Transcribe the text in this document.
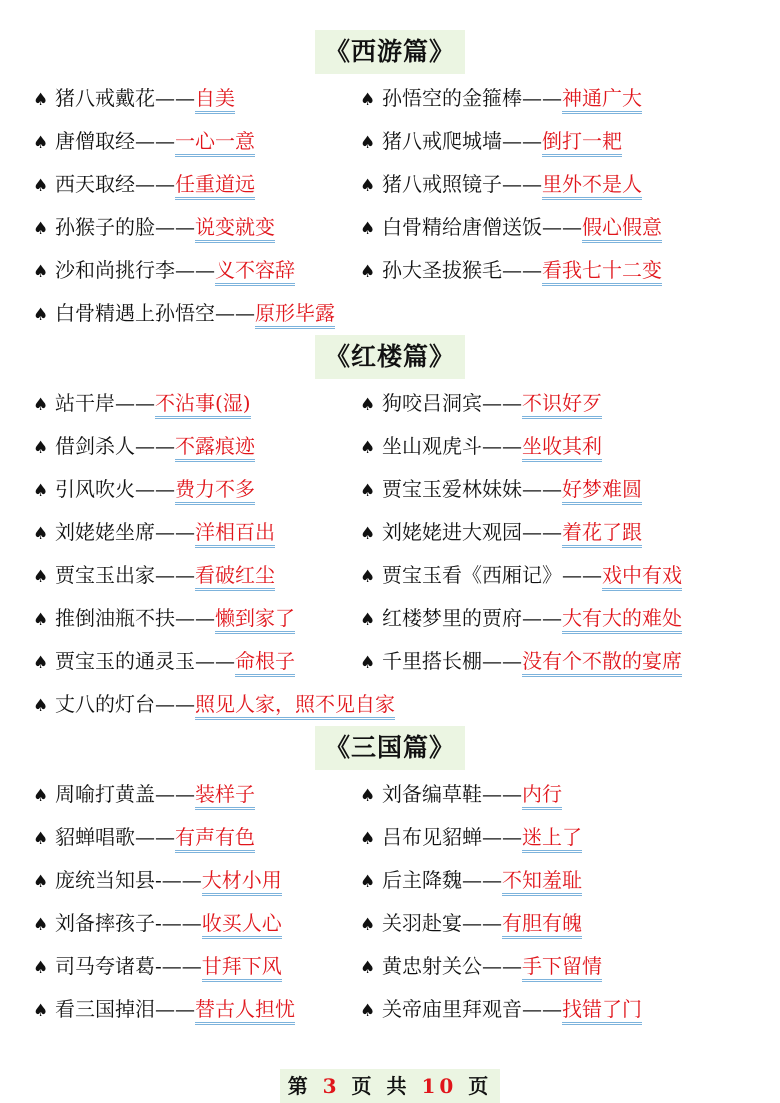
《西游篇》
♠ 猪八戒戴花——自美	♠ 孙悟空的金箍棒——神通广大
♠ 唐僧取经——一心一意	♠ 猪八戒爬城墙——倒打一耙
♠ 西天取经——任重道远	♠ 猪八戒照镜子——里外不是人
♠ 孙猴子的脸——说变就变	♠ 白骨精给唐僧送饭——假心假意
♠ 沙和尚挑行李——义不容辞	♠ 孙大圣拔猴毛——看我七十二变
♠ 白骨精遇上孙悟空——原形毕露
《红楼篇》
♠ 站干岸——不沾事(湿)	♠ 狗咬吕洞宾——不识好歹
♠ 借剑杀人——不露痕迹	♠ 坐山观虎斗——坐收其利
♠ 引风吹火——费力不多	♠ 贾宝玉爱林妹妹——好梦难圆
♠ 刘姥姥坐席——洋相百出	♠ 刘姥姥进大观园——着花了跟
♠ 贾宝玉出家——看破红尘	♠ 贾宝玉看《西厢记》——戏中有戏
♠ 推倒油瓶不扶——懒到家了	♠ 红楼梦里的贾府——大有大的难处
♠ 贾宝玉的通灵玉——命根子	♠ 千里搭长棚——没有个不散的宴席
♠ 丈八的灯台——照见人家，照不见自家
《三国篇》
♠ 周喻打黄盖——装样子	♠ 刘备编草鞋——内行
♠ 貂蝉唱歌——有声有色	♠ 吕布见貂蝉——迷上了
♠ 庞统当知县-——大材小用	♠ 后主降魏——不知羞耻
♠ 刘备摔孩子-——收买人心	♠ 关羽赴宴——有胆有魄
♠ 司马夸诸葛-——甘拜下风	♠ 黄忠射关公——手下留情
♠ 看三国掉泪——替古人担忧	♠ 关帝庙里拜观音——找错了门
第 3 页 共 10 页
